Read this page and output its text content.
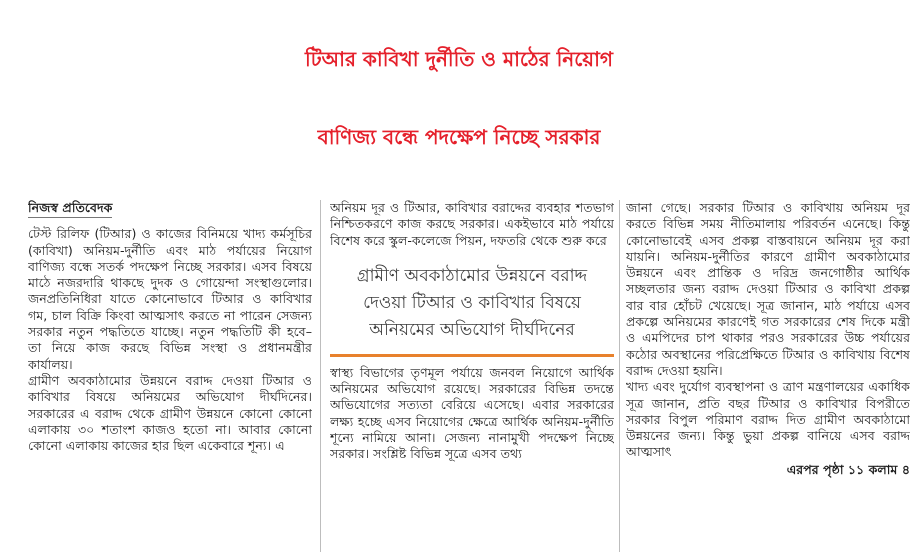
টিআর কাবিখা দুর্নীতি ও মাঠের নিয়োগ
বাণিজ্য বন্ধে পদক্ষেপ নিচ্ছে সরকার
নিজস্ব প্রতিবেদক

টেস্ট রিলিফ (টিআর) ও কাজের বিনিময়ে খাদ্য কর্মসূচির (কাবিখা) অনিয়ম-দুর্নীতি এবং মাঠ পর্যায়ের নিয়োগ বাণিজ্য বন্ধে সতর্ক পদক্ষেপ নিচ্ছে সরকার। এসব বিষয়ে মাঠে নজরদারি থাকছে দুদক ও গোয়েন্দা সংস্থাগুলোর। জনপ্রতিনিধিরা যাতে কোনোভাবে টিআর ও কাবিখার গম, চাল বিক্রি কিংবা আত্মসাৎ করতে না পারেন সেজন্য সরকার নতুন পদ্ধতিতে যাচ্ছে। নতুন পদ্ধতিটি কী হবে– তা নিয়ে কাজ করছে বিভিন্ন সংস্থা ও প্রধানমন্ত্রীর কার্যালয়।

গ্রামীণ অবকাঠামোর উন্নয়নে বরাদ্দ দেওয়া টিআর ও কাবিখার বিষয়ে অনিয়মের অভিযোগ দীর্ঘদিনের। সরকারের এ বরাদ্দ থেকে গ্রামীণ উন্নয়নে কোনো কোনো এলাকায় ৩০ শতাংশ কাজও হতো না। আবার কোনো কোনো এলাকায় কাজের হার ছিল একেবারে শূন্য। এ

অনিয়ম দূর ও টিআর, কাবিখার বরাদ্দের ব্যবহার শতভাগ নিশ্চিতকরণে কাজ করছে সরকার। একইভাবে মাঠ পর্যায়ে বিশেষ করে স্কুল-কলেজে পিয়ন, দফতরি থেকে শুরু করে

গ্রামীণ অবকাঠামোর উন্নয়নে বরাদ্দ দেওয়া টিআর ও কাবিখার বিষয়ে অনিয়মের অভিযোগ দীর্ঘদিনের

স্বাস্থ্য বিভাগের তৃণমূল পর্যায়ে জনবল নিয়োগে আর্থিক অনিয়মের অভিযোগ রয়েছে। সরকারের বিভিন্ন তদন্তে অভিযোগের সত্যতা বেরিয়ে এসেছে। এবার সরকারের লক্ষ্য হচ্ছে এসব নিয়োগের ক্ষেত্রে আর্থিক অনিয়ম-দুর্নীতি শূন্যে নামিয়ে আনা। সেজন্য নানামুখী পদক্ষেপ নিচ্ছে সরকার। সংশ্লিষ্ট বিভিন্ন সূত্রে এসব তথ্য

জানা গেছে। সরকার টিআর ও কাবিখায় অনিয়ম দূর করতে বিভিন্ন সময় নীতিমালায় পরিবর্তন এনেছে। কিন্তু কোনোভাবেই এসব প্রকল্প বাস্তবায়নে অনিয়ম দূর করা যায়নি। অনিয়ম-দুর্নীতির কারণে গ্রামীণ অবকাঠামোর উন্নয়নে এবং প্রান্তিক ও দরিদ্র জনগোষ্ঠীর আর্থিক সচ্ছলতার জন্য বরাদ্দ দেওয়া টিআর ও কাবিখা প্রকল্প বার বার হোঁচট খেয়েছে। সূত্র জানান, মাঠ পর্যায়ে এসব প্রকল্পে অনিয়মের কারণেই গত সরকারের শেষ দিকে মন্ত্রী ও এমপিদের চাপ থাকার পরও সরকারের উচ্চ পর্যায়ের কঠোর অবস্থানের পরিপ্রেক্ষিতে টিআর ও কাবিখায় বিশেষ বরাদ্দ দেওয়া হয়নি।

খাদ্য এবং দুর্যোগ ব্যবস্থাপনা ও ত্রাণ মন্ত্রণালয়ের একাধিক সূত্র জানান, প্রতি বছর টিআর ও কাবিখার বিপরীতে সরকার বিপুল পরিমাণ বরাদ্দ দিত গ্রামীণ অবকাঠামো উন্নয়নের জন্য। কিন্তু ভুয়া প্রকল্প বানিয়ে এসব বরাদ্দ আত্মসাৎ

এরপর পৃষ্ঠা ১১ কলাম ৪
